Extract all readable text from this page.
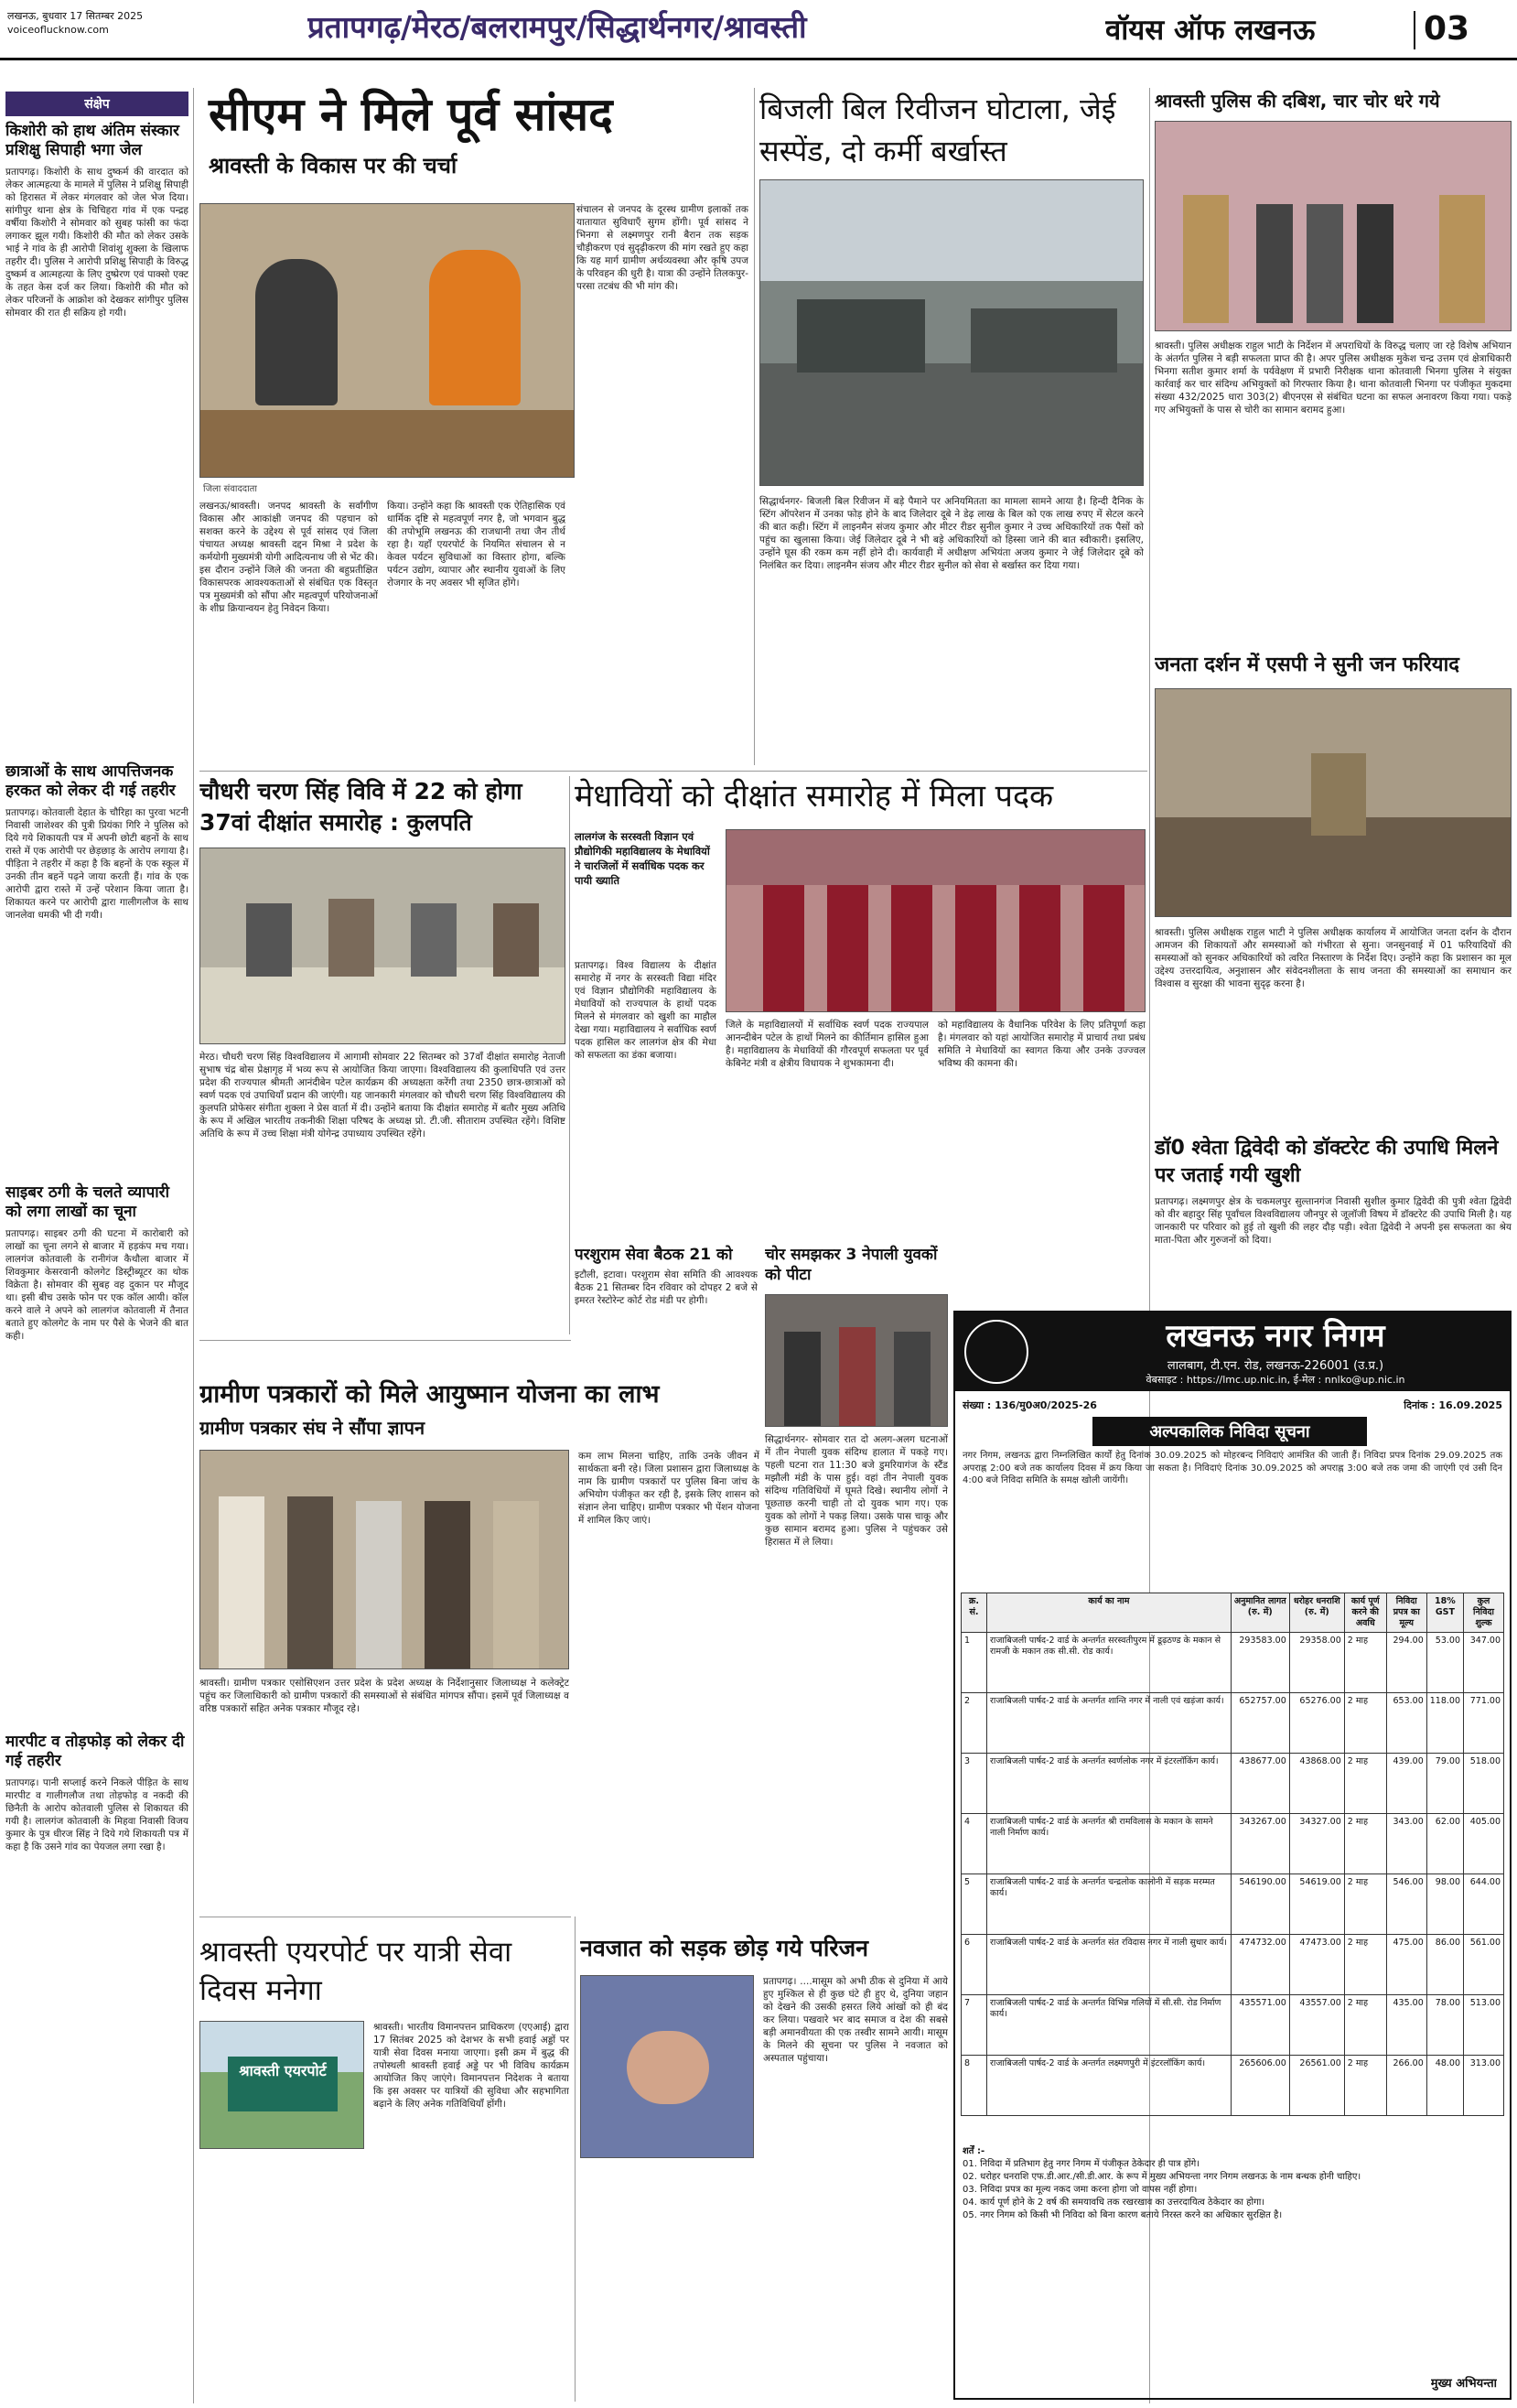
लखनऊ, बुधवार 17 सितम्बर 2025
voiceoflucknow.com	प्रतापगढ़/मेरठ/बलरामपुर/सिद्धार्थनगर/श्रावस्ती	वॉयस ऑफ लखनऊ	03
संक्षेप
किशोरी को हाथ अंतिम संस्कार प्रशिक्षु सिपाही भगा जेल
प्रतापगढ़। किशोरी के साथ दुष्कर्म की वारदात को लेकर आत्महत्या के मामले में पुलिस ने प्रशिक्षु सिपाही को हिरासत में लेकर मंगलवार को जेल भेज दिया। सांगीपुर थाना क्षेत्र के चिचिहरा गांव में एक पन्द्रह वर्षीया किशोरी ने सोमवार को सुबह फांसी का फंदा लगाकर झूल गयी। किशोरी की मौत को लेकर उसके भाई ने गांव के ही आरोपी शिवांशु शुक्ला के खिलाफ तहरीर दी। पुलिस ने आरोपी प्रशिक्षु सिपाही के विरुद्ध दुष्कर्म व आत्महत्या के लिए दुष्प्रेरण एवं पाक्सो एक्ट के तहत केस दर्ज कर लिया। किशोरी की मौत को लेकर परिजनों के आक्रोश को देखकर सांगीपुर पुलिस सोमवार की रात ही सक्रिय हो गयी।
छात्राओं के साथ आपत्तिजनक हरकत को लेकर दी गई तहरीर
प्रतापगढ़। कोतवाली देहात के चौरिहा का पुरवा भटनी निवासी जाशेश्वर की पुत्री प्रियंका गिरि ने पुलिस को दिये गये शिकायती पत्र में अपनी छोटी बहनों के साथ रास्ते में एक आरोपी पर छेड़छाड़ के आरोप लगाया है। पीड़िता ने तहरीर में कहा है कि बहनों के एक स्कूल में उनकी तीन बहनें पढ़ने जाया करती हैं। गांव के एक आरोपी द्वारा रास्ते में उन्हें परेशान किया जाता है। शिकायत करने पर आरोपी द्वारा गालीगलौज के साथ जानलेवा धमकी भी दी गयी।
साइबर ठगी के चलते व्यापारी को लगा लाखों का चूना
प्रतापगढ़। साइबर ठगी की घटना में कारोबारी को लाखों का चूना लगने से बाजार में हड़कंप मच गया। लालगंज कोतवाली के रानीगंज कैथौला बाजार में शिवकुमार केसरवानी कोलगेट डिस्ट्रीब्यूटर का थोक विक्रेता है। सोमवार की सुबह वह दुकान पर मौजूद था। इसी बीच उसके फोन पर एक कॉल आयी। कॉल करने वाले ने अपने को लालगंज कोतवाली में तैनात बताते हुए कोलगेट के नाम पर पैसे के भेजने की बात कही।
मारपीट व तोड़फोड़ को लेकर दी गई तहरीर
प्रतापगढ़। पानी सप्लाई करने निकले पीड़ित के साथ मारपीट व गालीगलौज तथा तोड़फोड़ व नकदी की छिनैती के आरोप कोतवाली पुलिस से शिकायत की गयी है। लालगंज कोतवाली के मिहवा निवासी विजय कुमार के पुत्र धीरज सिंह ने दिये गये शिकायती पत्र में कहा है कि उसने गांव का पेयजल लगा रखा है।
सीएम ने मिले पूर्व सांसद
श्रावस्ती के विकास पर की चर्चा
जिला संवाददाता
लखनऊ/श्रावस्ती। जनपद श्रावस्ती के सर्वांगीण विकास और आकांक्षी जनपद की पहचान को सशक्त करने के उद्देश्य से पूर्व सांसद एवं जिला पंचायत अध्यक्ष श्रावस्ती दद्दन मिश्रा ने प्रदेश के कर्मयोगी मुख्यमंत्री योगी आदित्यनाथ जी से भेंट की। इस दौरान उन्होंने जिले की जनता की बहुप्रतीक्षित विकासपरक आवश्यकताओं से संबंधित एक विस्तृत पत्र मुख्यमंत्री को सौंपा और महत्वपूर्ण परियोजनाओं के शीघ्र क्रियान्वयन हेतु निवेदन किया।
किया। उन्होंने कहा कि श्रावस्ती एक ऐतिहासिक एवं धार्मिक दृष्टि से महत्वपूर्ण नगर है, जो भगवान बुद्ध की तपोभूमि लखनऊ की राजधानी तथा जैन तीर्थ रहा है। यहाँ एयरपोर्ट के नियमित संचालन से न केवल पर्यटन सुविधाओं का विस्तार होगा, बल्कि पर्यटन उद्योग, व्यापार और स्थानीय युवाओं के लिए रोजगार के नए अवसर भी सृजित होंगे।
संचालन से जनपद के दूरस्थ ग्रामीण इलाकों तक यातायात सुविधाएँ सुगम होंगी। पूर्व सांसद ने भिनगा से लक्ष्मणपुर रानी बैरान तक सड़क चौड़ीकरण एवं सुदृढ़ीकरण की मांग रखते हुए कहा कि यह मार्ग ग्रामीण अर्थव्यवस्था और कृषि उपज के परिवहन की धुरी है। यात्रा की उन्होंने तिलकपुर-परसा तटबंध की भी मांग की।
बिजली बिल रिवीजन घोटाला, जेई सस्पेंड, दो कर्मी बर्खास्त
सिद्धार्थनगर- बिजली बिल रिवीजन में बड़े पैमाने पर अनियमितता का मामला सामने आया है। हिन्दी दैनिक के स्टिंग ऑपरेशन में उनका फोड़ होने के बाद जिलेदार दूबे ने डेढ़ लाख के बिल को एक लाख रुपए में सेटल करने की बात कही। स्टिंग में लाइनमैन संजय कुमार और मीटर रीडर सुनील कुमार ने उच्च अधिकारियों तक पैसों को पहुंच का खुलासा किया। जेई जिलेदार दूबे ने भी बड़े अधिकारियों को हिस्सा जाने की बात स्वीकारी। इसलिए, उन्होंने घूस की रकम कम नहीं होने दी। कार्यवाही में अधीक्षण अभियंता अजय कुमार ने जेई जिलेदार दूबे को निलंबित कर दिया। लाइनमैन संजय और मीटर रीडर सुनील को सेवा से बर्खास्त कर दिया गया।
श्रावस्ती पुलिस की दबिश, चार चोर धरे गये
श्रावस्ती। पुलिस अधीक्षक राहुल भाटी के निर्देशन में अपराधियों के विरुद्ध चलाए जा रहे विशेष अभियान के अंतर्गत पुलिस ने बड़ी सफलता प्राप्त की है। अपर पुलिस अधीक्षक मुकेश चन्द्र उत्तम एवं क्षेत्राधिकारी भिनगा सतीश कुमार शर्मा के पर्यवेक्षण में प्रभारी निरीक्षक थाना कोतवाली भिनगा पुलिस ने संयुक्त कार्रवाई कर चार संदिग्ध अभियुक्तों को गिरफ्तार किया है। थाना कोतवाली भिनगा पर पंजीकृत मुकदमा संख्या 432/2025 धारा 303(2) बीएनएस से संबंधित घटना का सफल अनावरण किया गया। पकड़े गए अभियुक्तों के पास से चोरी का सामान बरामद हुआ।
जनता दर्शन में एसपी ने सुनी जन फरियाद
श्रावस्ती। पुलिस अधीक्षक राहुल भाटी ने पुलिस अधीक्षक कार्यालय में आयोजित जनता दर्शन के दौरान आमजन की शिकायतों और समस्याओं को गंभीरता से सुना। जनसुनवाई में 01 फरियादियों की समस्याओं को सुनकर अधिकारियों को त्वरित निस्तारण के निर्देश दिए। उन्होंने कहा कि प्रशासन का मूल उद्देश्य उत्तरदायित्व, अनुशासन और संवेदनशीलता के साथ जनता की समस्याओं का समाधान कर विश्वास व सुरक्षा की भावना सुदृढ़ करना है।
डॉ0 श्वेता द्विवेदी को डॉक्टरेट की उपाधि मिलने पर जताई गयी खुशी
प्रतापगढ़। लक्ष्मणपुर क्षेत्र के चकमलपुर सुल्तानगंज निवासी सुशील कुमार द्विवेदी की पुत्री श्वेता द्विवेदी को वीर बहादुर सिंह पूर्वांचल विश्वविद्यालय जौनपुर से जूलॉजी विषय में डॉक्टरेट की उपाधि मिली है। यह जानकारी पर परिवार को हुई तो खुशी की लहर दौड़ पड़ी। श्वेता द्विवेदी ने अपनी इस सफलता का श्रेय माता-पिता और गुरुजनों को दिया।
चौधरी चरण सिंह विवि में 22 को होगा 37वां दीक्षांत समारोह : कुलपति
मेरठ। चौधरी चरण सिंह विश्वविद्यालय में आगामी सोमवार 22 सितम्बर को 37वाँ दीक्षांत समारोह नेताजी सुभाष चंद्र बोस प्रेक्षागृह में भव्य रूप से आयोजित किया जाएगा। विश्वविद्यालय की कुलाधिपति एवं उत्तर प्रदेश की राज्यपाल श्रीमती आनंदीबेन पटेल कार्यक्रम की अध्यक्षता करेंगी तथा 2350 छात्र-छात्राओं को स्वर्ण पदक एवं उपाधियाँ प्रदान की जाएंगी। यह जानकारी मंगलवार को चौधरी चरण सिंह विश्वविद्यालय की कुलपति प्रोफेसर संगीता शुक्ला ने प्रेस वार्ता में दी। उन्होंने बताया कि दीक्षांत समारोह में बतौर मुख्य अतिथि के रूप में अखिल भारतीय तकनीकी शिक्षा परिषद के अध्यक्ष प्रो. टी.जी. सीताराम उपस्थित रहेंगे। विशिष्ट अतिथि के रूप में उच्च शिक्षा मंत्री योगेन्द्र उपाध्याय उपस्थित रहेंगे।
मेधावियों को दीक्षांत समारोह में मिला पदक
लालगंज के सरस्वती विज्ञान एवं प्रौद्योगिकी महाविद्यालय के मेधावियों ने चारजिलों में सर्वाधिक पदक कर पायी ख्याति
प्रतापगढ़। विश्व विद्यालय के दीक्षांत समारोह में नगर के सरस्वती विद्या मंदिर एवं विज्ञान प्रौद्योगिकी महाविद्यालय के मेधावियों को राज्यपाल के हाथों पदक मिलने से मंगलवार को खुशी का माहौल देखा गया। महाविद्यालय ने सर्वाधिक स्वर्ण पदक हासिल कर लालगंज क्षेत्र की मेधा को सफलता का डंका बजाया।
जिले के महाविद्यालयों में सर्वाधिक स्वर्ण पदक राज्यपाल आनन्दीबेन पटेल के हाथों मिलने का कीर्तिमान हासिल हुआ है। महाविद्यालय के मेधावियों की गौरवपूर्ण सफलता पर पूर्व केबिनेट मंत्री व क्षेत्रीय विधायक ने शुभकामना दी।
को महाविद्यालय के वैधानिक परिवेश के लिए प्रतिपूर्णा कहा है। मंगलवार को यहां आयोजित समारोह में प्राचार्य तथा प्रबंध समिति ने मेधावियों का स्वागत किया और उनके उज्ज्वल भविष्य की कामना की।
परशुराम सेवा बैठक 21 को
इटौली, इटावा। परशुराम सेवा समिति की आवश्यक बैठक 21 सितम्बर दिन रविवार को दोपहर 2 बजे से इमरत रेस्टोरेन्ट कोर्ट रोड मंडी पर होगी।
चोर समझकर 3 नेपाली युवकों को पीटा
सिद्धार्थनगर- सोमवार रात दो अलग-अलग घटनाओं में तीन नेपाली युवक संदिग्ध हालात में पकड़े गए। पहली घटना रात 11:30 बजे डुमरियागंज के स्टैंड मझौली मंडी के पास हुई। वहां तीन नेपाली युवक संदिग्ध गतिविधियों में घूमते दिखे। स्थानीय लोगों ने पूछताछ करनी चाही तो दो युवक भाग गए। एक युवक को लोगों ने पकड़ लिया। उसके पास चाकू और कुछ सामान बरामद हुआ। पुलिस ने पहुंचकर उसे हिरासत में ले लिया।
लखनऊ नगर निगम
लालबाग, टी.एन. रोड, लखनऊ-226001 (उ.प्र.)
वेबसाइट : https://lmc.up.nic.in, ई-मेल : nnlko@up.nic.in
संख्या : 136/मु0अ0/2025-26	दिनांक : 16.09.2025
अल्पकालिक निविदा सूचना
नगर निगम, लखनऊ द्वारा निम्नलिखित कार्यों हेतु दिनांक 30.09.2025 को मोहरबन्द निविदाएं आमंत्रित की जाती हैं। निविदा प्रपत्र दिनांक 29.09.2025 तक अपराह्न 2:00 बजे तक कार्यालय दिवस में क्रय किया जा सकता है। निविदाएं दिनांक 30.09.2025 को अपराह्न 3:00 बजे तक जमा की जाएंगी एवं उसी दिन 4:00 बजे निविदा समिति के समक्ष खोली जायेंगी।
क्र. सं.	कार्य का नाम	अनुमानित लागत (रु. में)	धरोहर धनराशि (रु. में)	कार्य पूर्ण करने की अवधि	निविदा प्रपत्र का मूल्य	18% GST	कुल निविदा शुल्क
1	राजाबिजली पार्षद-2 वार्ड के अन्तर्गत सरस्वतीपुरम में डूढ़ठण्ड के मकान से रामजी के मकान तक सी.सी. रोड कार्य।	293583.00	29358.00	2 माह	294.00	53.00	347.00
2	राजाबिजली पार्षद-2 वार्ड के अन्तर्गत शान्ति नगर में नाली एवं खड़ंजा कार्य।	652757.00	65276.00	2 माह	653.00	118.00	771.00
3	राजाबिजली पार्षद-2 वार्ड के अन्तर्गत स्वर्णलोक नगर में इंटरलॉकिंग कार्य।	438677.00	43868.00	2 माह	439.00	79.00	518.00
4	राजाबिजली पार्षद-2 वार्ड के अन्तर्गत श्री रामविलास के मकान के सामने नाली निर्माण कार्य।	343267.00	34327.00	2 माह	343.00	62.00	405.00
5	राजाबिजली पार्षद-2 वार्ड के अन्तर्गत चन्द्रलोक कालोनी में सड़क मरम्मत कार्य।	546190.00	54619.00	2 माह	546.00	98.00	644.00
6	राजाबिजली पार्षद-2 वार्ड के अन्तर्गत संत रविदास नगर में नाली सुधार कार्य।	474732.00	47473.00	2 माह	475.00	86.00	561.00
7	राजाबिजली पार्षद-2 वार्ड के अन्तर्गत विभिन्न गलियों में सी.सी. रोड निर्माण कार्य।	435571.00	43557.00	2 माह	435.00	78.00	513.00
8	राजाबिजली पार्षद-2 वार्ड के अन्तर्गत लक्ष्मणपुरी में इंटरलॉकिंग कार्य।	265606.00	26561.00	2 माह	266.00	48.00	313.00
शर्तें :-
01. निविदा में प्रतिभाग हेतु नगर निगम में पंजीकृत ठेकेदार ही पात्र होंगे।
02. धरोहर धनराशि एफ.डी.आर./सी.डी.आर. के रूप में मुख्य अभियन्ता नगर निगम लखनऊ के नाम बन्धक होनी चाहिए।
03. निविदा प्रपत्र का मूल्य नकद जमा करना होगा जो वापस नहीं होगा।
04. कार्य पूर्ण होने के 2 वर्ष की समयावधि तक रखरखाव का उत्तरदायित्व ठेकेदार का होगा।
05. नगर निगम को किसी भी निविदा को बिना कारण बताये निरस्त करने का अधिकार सुरक्षित है।
मुख्य अभियन्ता
ग्रामीण पत्रकारों को मिले आयुष्मान योजना का लाभ
ग्रामीण पत्रकार संघ ने सौंपा ज्ञापन
श्रावस्ती। ग्रामीण पत्रकार एसोसिएशन उत्तर प्रदेश के प्रदेश अध्यक्ष के निर्देशानुसार जिलाध्यक्ष ने कलेक्ट्रेट पहुंच कर जिलाधिकारी को ग्रामीण पत्रकारों की समस्याओं से संबंधित मांगपत्र सौंपा। इसमें पूर्व जिलाध्यक्ष व वरिष्ठ पत्रकारों सहित अनेक पत्रकार मौजूद रहे।
कम लाभ मिलना चाहिए, ताकि उनके जीवन में सार्थकता बनी रहे। जिला प्रशासन द्वारा जिलाध्यक्ष के नाम कि ग्रामीण पत्रकारों पर पुलिस बिना जांच के अभियोग पंजीकृत कर रही है, इसके लिए शासन को संज्ञान लेना चाहिए। ग्रामीण पत्रकार भी पेंशन योजना में शामिल किए जाएं।
श्रावस्ती एयरपोर्ट पर यात्री सेवा दिवस मनेगा
श्रावस्ती एयरपोर्ट
श्रावस्ती। भारतीय विमानपत्तन प्राधिकरण (एएआई) द्वारा 17 सितंबर 2025 को देशभर के सभी हवाई अड्डों पर यात्री सेवा दिवस मनाया जाएगा। इसी क्रम में बुद्ध की तपोस्थली श्रावस्ती हवाई अड्डे पर भी विविध कार्यक्रम आयोजित किए जाएंगे। विमानपत्तन निदेशक ने बताया कि इस अवसर पर यात्रियों की सुविधा और सहभागिता बढ़ाने के लिए अनेक गतिविधियाँ होंगी।
नवजात को सड़क छोड़ गये परिजन
प्रतापगढ़। ....मासूम को अभी ठीक से दुनिया में आये हुए मुश्किल से ही कुछ घंटे ही हुए थे, दुनिया जहान को देखने की उसकी हसरत लिये आंखों को ही बंद कर लिया। पखवारे भर बाद समाज व देश की सबसे बड़ी अमानवीयता की एक तस्वीर सामने आयी। मासूम के मिलने की सूचना पर पुलिस ने नवजात को अस्पताल पहुंचाया।
